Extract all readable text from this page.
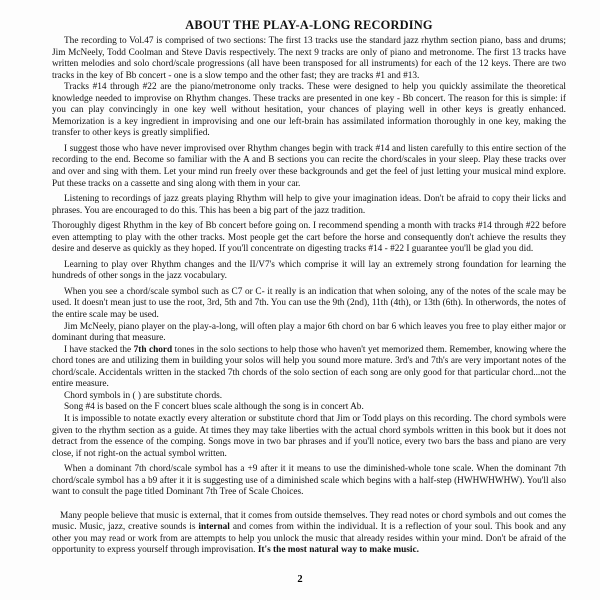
ABOUT THE PLAY-A-LONG RECORDING

The recording to Vol.47 is comprised of two sections: The first 13 tracks use the standard jazz rhythm section piano, bass and drums; Jim McNeely, Todd Coolman and Steve Davis respectively. The next 9 tracks are only of piano and metronome. The first 13 tracks have written melodies and solo chord/scale progressions (all have been transposed for all instruments) for each of the 12 keys. There are two tracks in the key of Bb concert - one is a slow tempo and the other fast; they are tracks #1 and #13.

Tracks #14 through #22 are the piano/metronome only tracks. These were designed to help you quickly assimilate the theoretical knowledge needed to improvise on Rhythm changes. These tracks are presented in one key - Bb concert. The reason for this is simple: if you can play convincingly in one key well without hesitation, your chances of playing well in other keys is greatly enhanced. Memorization is a key ingredient in improvising and one our left-brain has assimilated information thoroughly in one key, making the transfer to other keys is greatly simplified.

I suggest those who have never improvised over Rhythm changes begin with track #14 and listen carefully to this entire section of the recording to the end. Become so familiar with the A and B sections you can recite the chord/scales in your sleep. Play these tracks over and over and sing with them. Let your mind run freely over these backgrounds and get the feel of just letting your musical mind explore. Put these tracks on a cassette and sing along with them in your car.

Listening to recordings of jazz greats playing Rhythm will help to give your imagination ideas. Don't be afraid to copy their licks and phrases. You are encouraged to do this. This has been a big part of the jazz tradition.

Thoroughly digest Rhythm in the key of Bb concert before going on. I recommend spending a month with tracks #14 through #22 before even attempting to play with the other tracks. Most people get the cart before the horse and consequently don't achieve the results they desire and deserve as quickly as they hoped. If you'll concentrate on digesting tracks #14 - #22 I guarantee you'll be glad you did.

Learning to play over Rhythm changes and the II/V7's which comprise it will lay an extremely strong foundation for learning the hundreds of other songs in the jazz vocabulary.

When you see a chord/scale symbol such as C7 or C- it really is an indication that when soloing, any of the notes of the scale may be used. It doesn't mean just to use the root, 3rd, 5th and 7th. You can use the 9th (2nd), 11th (4th), or 13th (6th). In otherwords, the notes of the entire scale may be used.

Jim McNeely, piano player on the play-a-long, will often play a major 6th chord on bar 6 which leaves you free to play either major or dominant during that measure.

I have stacked the 7th chord tones in the solo sections to help those who haven't yet memorized them. Remember, knowing where the chord tones are and utilizing them in building your solos will help you sound more mature. 3rd's and 7th's are very important notes of the chord/scale. Accidentals written in the stacked 7th chords of the solo section of each song are only good for that particular chord...not the entire measure.

Chord symbols in ( ) are substitute chords.

Song #4 is based on the F concert blues scale although the song is in concert Ab.

It is impossible to notate exactly every alteration or substitute chord that Jim or Todd plays on this recording. The chord symbols were given to the rhythm section as a guide. At times they may take liberties with the actual chord symbols written in this book but it does not detract from the essence of the comping. Songs move in two bar phrases and if you'll notice, every two bars the bass and piano are very close, if not right-on the actual symbol written.

When a dominant 7th chord/scale symbol has a +9 after it it means to use the diminished-whole tone scale. When the dominant 7th chord/scale symbol has a b9 after it it is suggesting use of a diminished scale which begins with a half-step (HWHWHWHW). You'll also want to consult the page titled Dominant 7th Tree of Scale Choices.

Many people believe that music is external, that it comes from outside themselves. They read notes or chord symbols and out comes the music. Music, jazz, creative sounds is internal and comes from within the individual. It is a reflection of your soul. This book and any other you may read or work from are attempts to help you unlock the music that already resides within your mind. Don't be afraid of the opportunity to express yourself through improvisation. It's the most natural way to make music.

2
